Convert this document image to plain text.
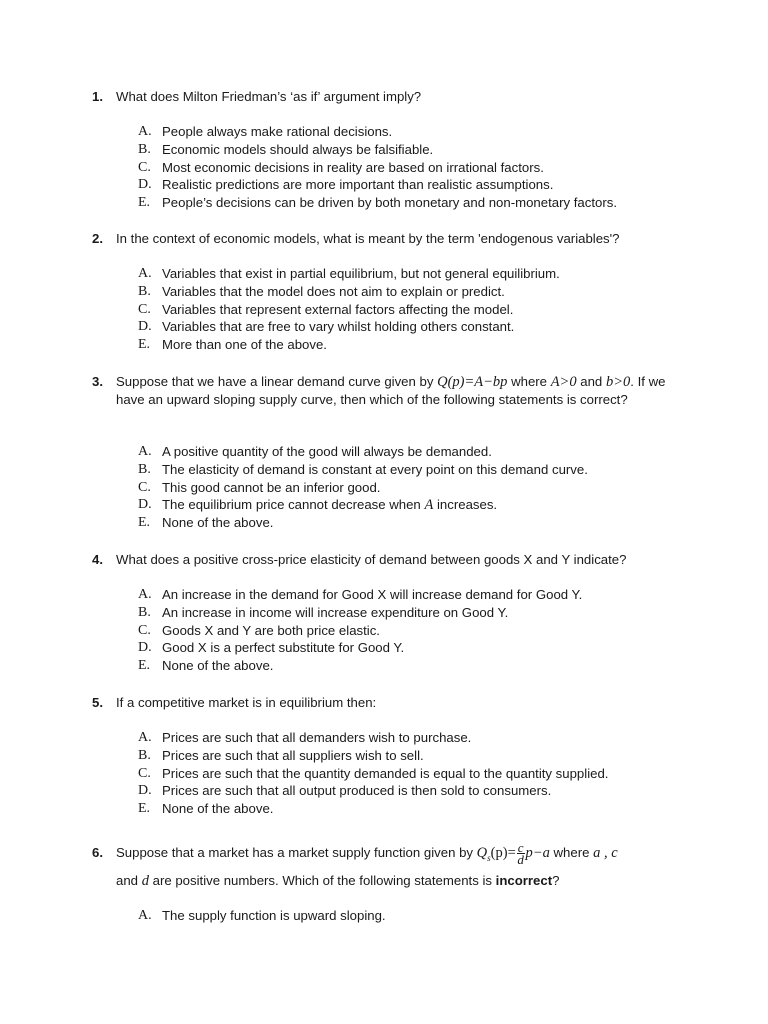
1. What does Milton Friedman’s ‘as if’ argument imply?
A. People always make rational decisions.
B. Economic models should always be falsifiable.
C. Most economic decisions in reality are based on irrational factors.
D. Realistic predictions are more important than realistic assumptions.
E. People’s decisions can be driven by both monetary and non-monetary factors.
2. In the context of economic models, what is meant by the term 'endogenous variables'?
A. Variables that exist in partial equilibrium, but not general equilibrium.
B. Variables that the model does not aim to explain or predict.
C. Variables that represent external factors affecting the model.
D. Variables that are free to vary whilst holding others constant.
E. More than one of the above.
3. Suppose that we have a linear demand curve given by Q(p)=A−bp where A>0 and b>0. If we have an upward sloping supply curve, then which of the following statements is correct?
A. A positive quantity of the good will always be demanded.
B. The elasticity of demand is constant at every point on this demand curve.
C. This good cannot be an inferior good.
D. The equilibrium price cannot decrease when A increases.
E. None of the above.
4. What does a positive cross-price elasticity of demand between goods X and Y indicate?
A. An increase in the demand for Good X will increase demand for Good Y.
B. An increase in income will increase expenditure on Good Y.
C. Goods X and Y are both price elastic.
D. Good X is a perfect substitute for Good Y.
E. None of the above.
5. If a competitive market is in equilibrium then:
A. Prices are such that all demanders wish to purchase.
B. Prices are such that all suppliers wish to sell.
C. Prices are such that the quantity demanded is equal to the quantity supplied.
D. Prices are such that all output produced is then sold to consumers.
E. None of the above.
6. Suppose that a market has a market supply function given by $Q_s(p)= \frac{c}{d} p-a$ where a , c
and d are positive numbers. Which of the following statements is incorrect?
A. The supply function is upward sloping.
